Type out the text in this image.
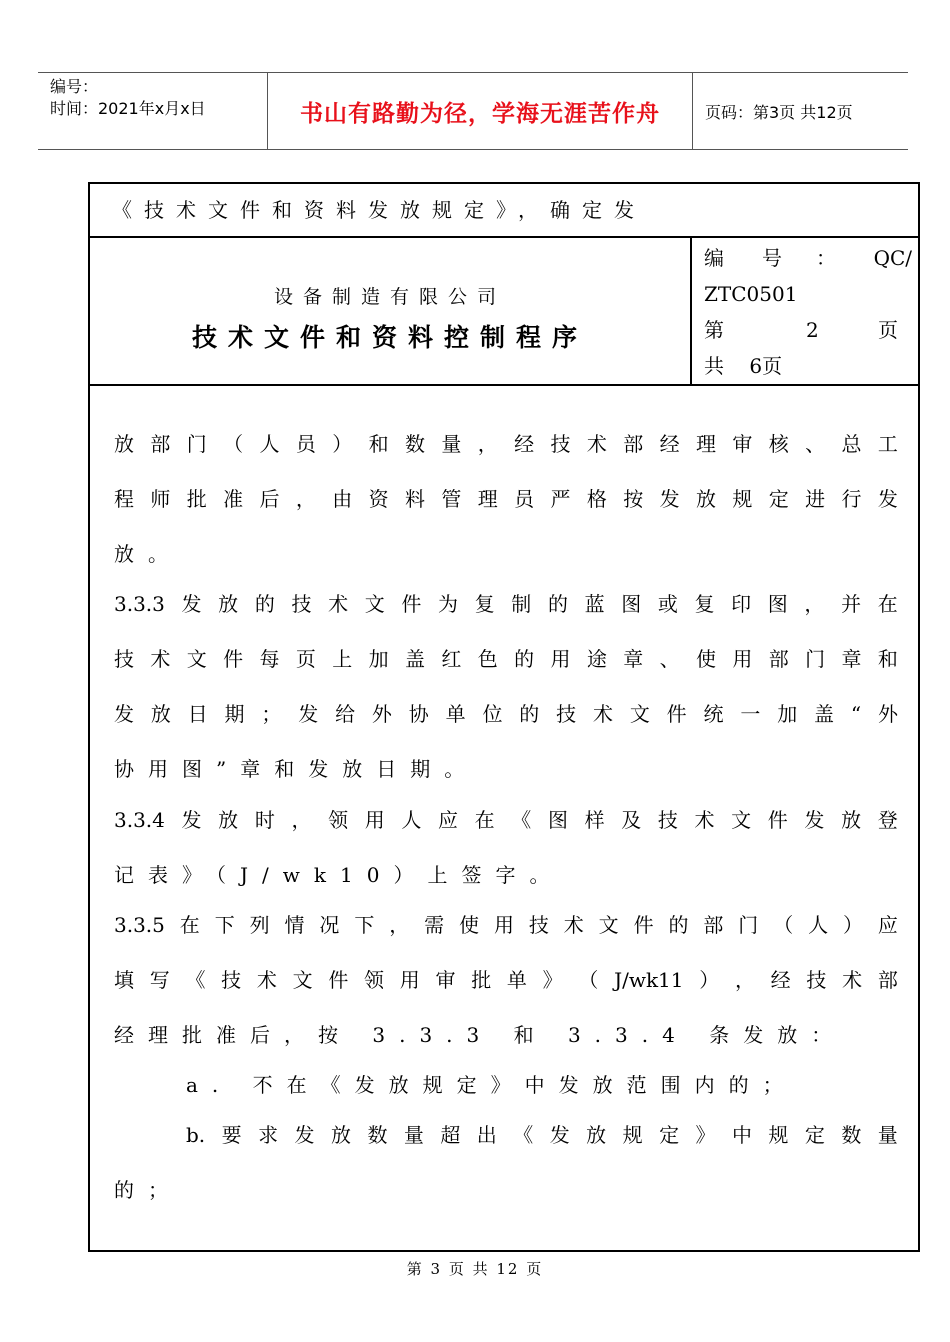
编号：
时间：2021年x月x日	书山有路勤为径，学海无涯苦作舟	页码：第3页 共12页
《技术文件和资料发放规定》，确定发
设备制造有限公司
技术文件和资料控制程序
编 号 ： QC/
ZTC0501
第	2	页
共    6页
放 部 门 （ 人 员 ） 和 数 量 ， 经 技 术 部 经 理 审 核 、 总 工
程 师 批 准 后 ， 由 资 料 管 理 员 严 格 按 发 放 规 定 进 行 发
放。
3.3.3 发 放 的 技 术 文 件 为 复 制 的 蓝 图 或 复 印 图 ， 并 在
技 术 文 件 每 页 上 加 盖 红 色 的 用 途 章 、 使 用 部 门 章 和
发 放 日 期 ； 发 给 外 协 单 位 的 技 术 文 件 统 一 加 盖 “ 外
协用图”章和发放日期。
3.3.4 发 放 时 ， 领 用 人 应 在 《 图 样 及 技 术 文 件 发 放 登
记表》（J/wk10）上签字。
3.3.5 在 下 列 情 况 下 ， 需 使 用 技 术 文 件 的 部 门 （ 人 ） 应
填 写 《 技 术 文 件 领 用 审 批 单 》 （ J/wk11 ） ， 经 技 术 部
经理批准后，按 3.3.3 和 3.3.4 条发放：
a. 不在《发放规定》中发放范围内的；
b. 要 求 发 放 数 量 超 出 《 发 放 规 定 》 中 规 定 数 量
的；
第 3 页 共 12 页
